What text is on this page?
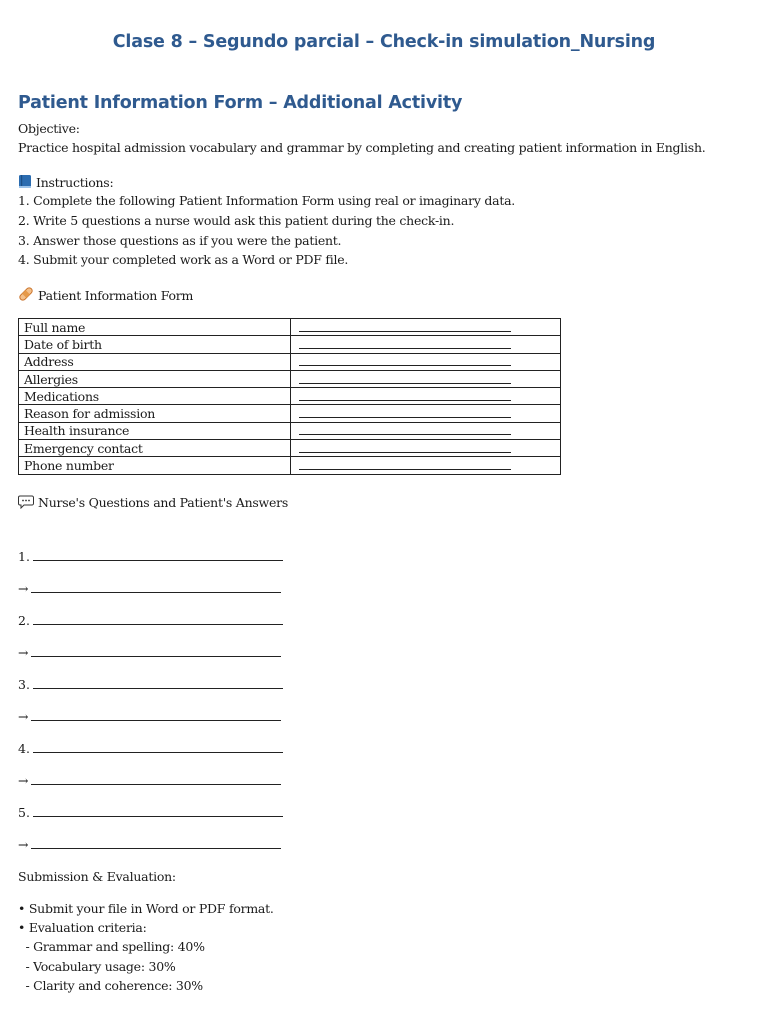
Clase 8 – Segundo parcial – Check-in simulation_Nursing
Patient Information Form – Additional Activity
Objective:
Practice hospital admission vocabulary and grammar by completing and creating patient information in English.
Instructions:
1. Complete the following Patient Information Form using real or imaginary data.
2. Write 5 questions a nurse would ask this patient during the check-in.
3. Answer those questions as if you were the patient.
4. Submit your completed work as a Word or PDF file.
Patient Information Form
Full name	
Date of birth	
Address	
Allergies	
Medications	
Reason for admission	
Health insurance	
Emergency contact	
Phone number	
Nurse's Questions and Patient's Answers
1.
→
2.
→
3.
→
4.
→
5.
→
Submission & Evaluation:
• Submit your file in Word or PDF format.
• Evaluation criteria:
- Grammar and spelling: 40%
- Vocabulary usage: 30%
- Clarity and coherence: 30%
